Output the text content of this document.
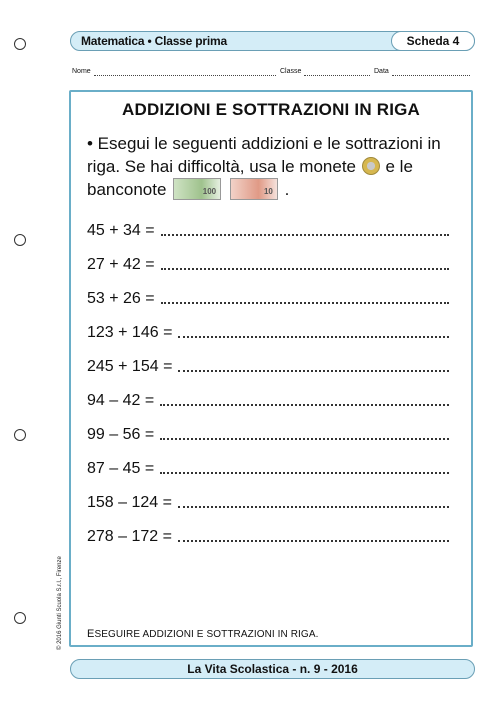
Matematica • Classe prima	Scheda 4
Nome	Classe	Data
ADDIZIONI E SOTTRAZIONI IN RIGA
• Esegui le seguenti addizioni e le sottrazioni in riga. Se hai difficoltà, usa le monete e le banconote	100
	10 .
45 + 34 =
27 + 42 =
53 + 26 =
123 + 146 =
245 + 154 =
94 – 42 =
99 – 56 =
87 – 45 =
158 – 124 =
278 – 172 =
ESEGUIRE ADDIZIONI E SOTTRAZIONI IN RIGA.
© 2016 Giunti Scuola S.r.l., Firenze
La Vita Scolastica - n. 9 - 2016
